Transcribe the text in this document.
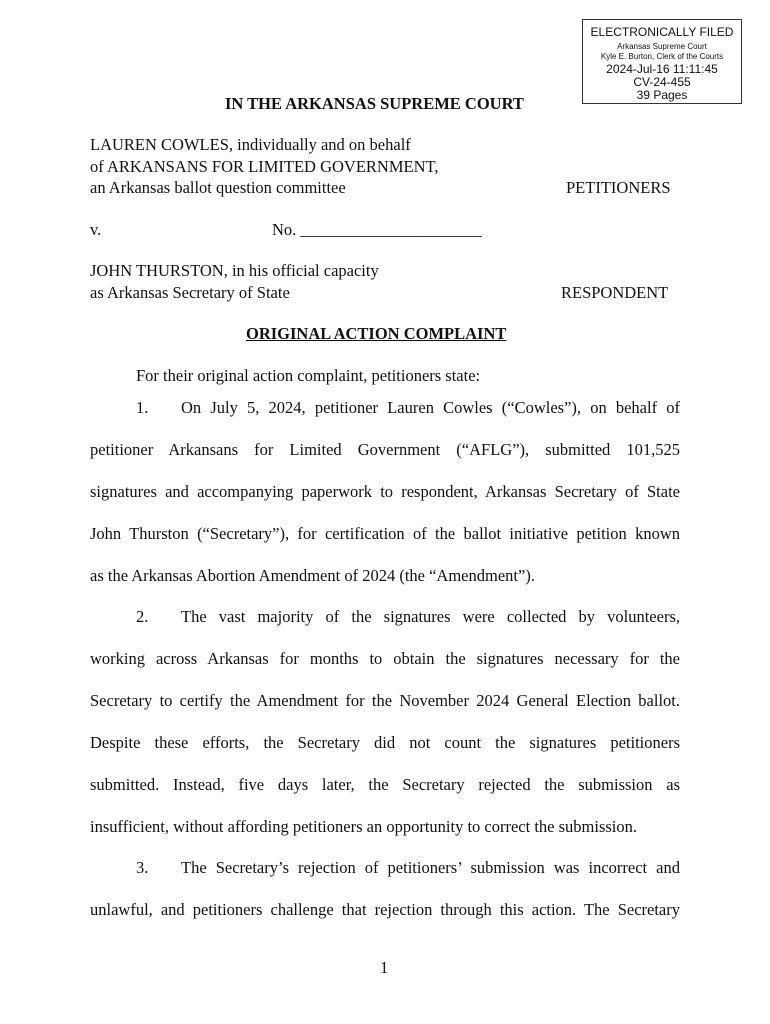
ELECTRONICALLY FILED
Arkansas Supreme Court
Kyle E. Burton, Clerk of the Courts
2024-Jul-16 11:11:45
CV-24-455
39 Pages
IN THE ARKANSAS SUPREME COURT
LAUREN COWLES, individually and on behalf
of ARKANSANS FOR LIMITED GOVERNMENT,
an Arkansas ballot question committee	PETITIONERS
v.	No. ______________________
JOHN THURSTON, in his official capacity
as Arkansas Secretary of State	RESPONDENT
ORIGINAL ACTION COMPLAINT
For their original action complaint, petitioners state:
1. On July 5, 2024, petitioner Lauren Cowles (“Cowles”), on behalf of
petitioner Arkansans for Limited Government (“AFLG”), submitted 101,525
signatures and accompanying paperwork to respondent, Arkansas Secretary of State
John Thurston (“Secretary”), for certification of the ballot initiative petition known
as the Arkansas Abortion Amendment of 2024 (the “Amendment”).
2. The vast majority of the signatures were collected by volunteers,
working across Arkansas for months to obtain the signatures necessary for the
Secretary to certify the Amendment for the November 2024 General Election ballot.
Despite these efforts, the Secretary did not count the signatures petitioners
submitted. Instead, five days later, the Secretary rejected the submission as
insufficient, without affording petitioners an opportunity to correct the submission.
3. The Secretary’s rejection of petitioners’ submission was incorrect and
unlawful, and petitioners challenge that rejection through this action. The Secretary
1
